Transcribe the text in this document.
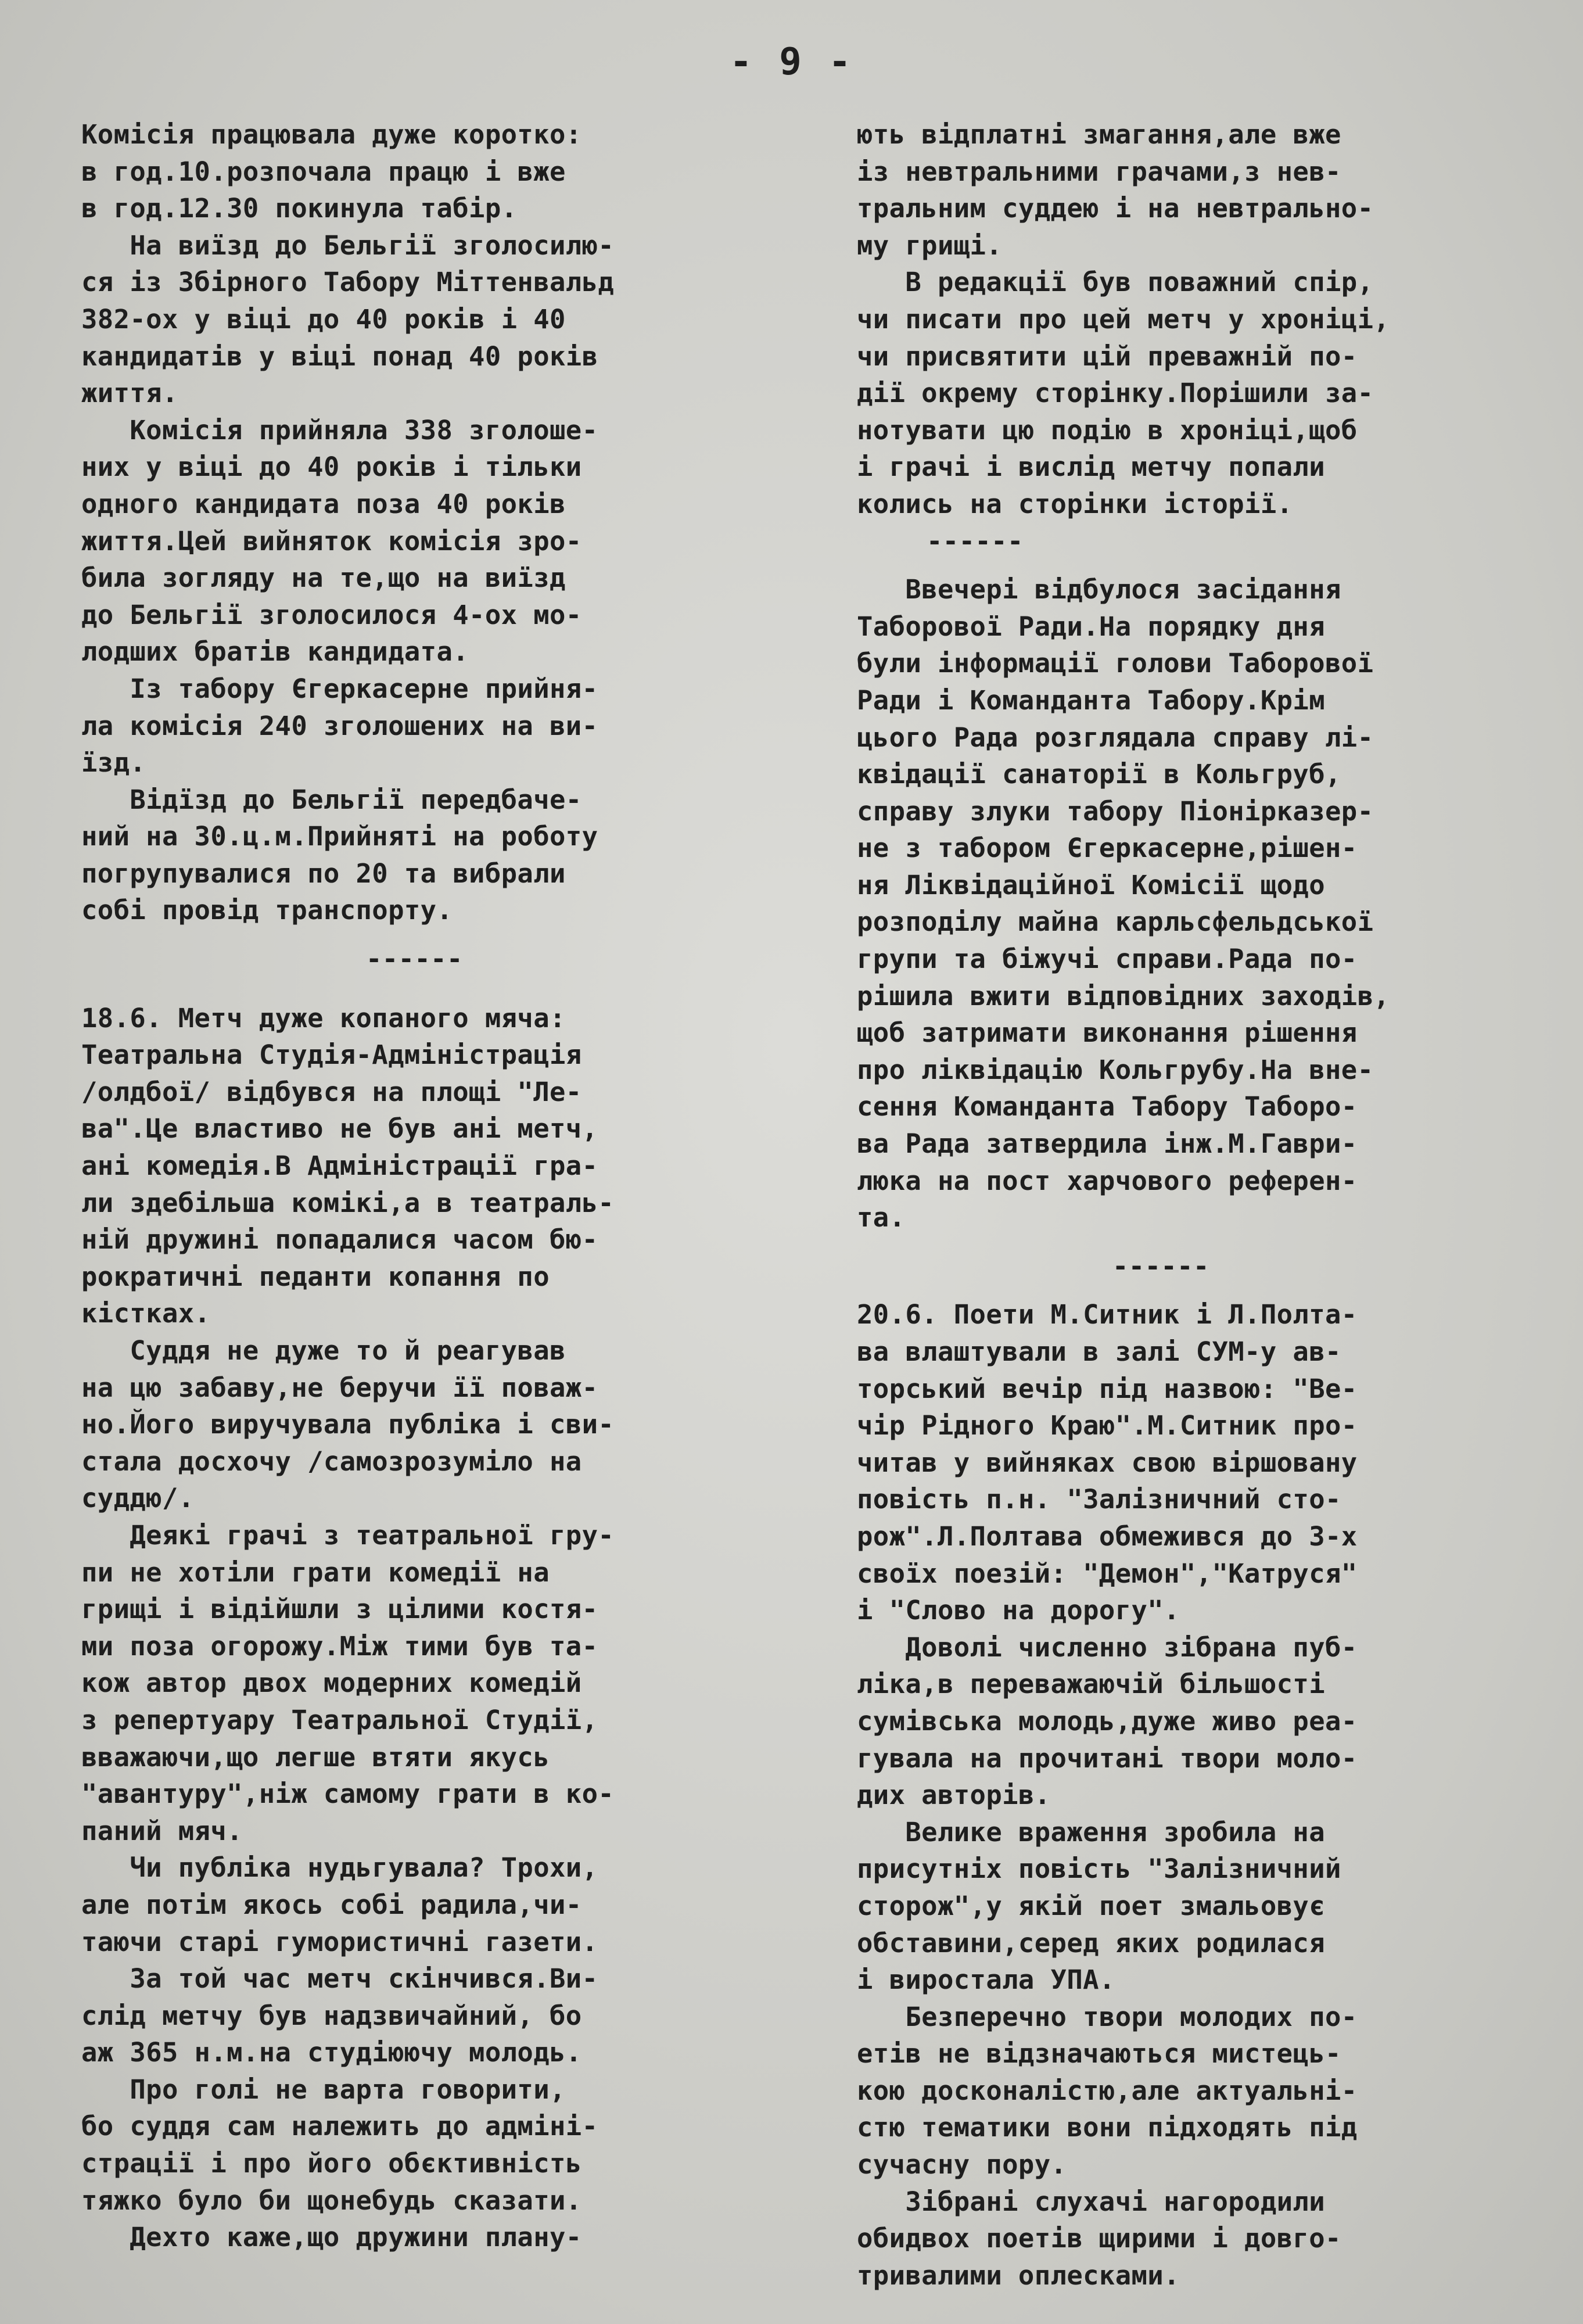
- 9 -

Комісія працювала дуже коротко:

в год.10.розпочала працю і вже

в год.12.30 покинула табір.

На виїзд до Бельгії зголосилю-

ся із Збірного Табору Міттенвальд

382-ох у віці до 40 років і 40

кандидатів у віці понад 40 років

життя.

Комісія прийняла 338 зголоше-

них у віці до 40 років і тільки

одного кандидата поза 40 років

життя.Цей вийняток комісія зро-

била зогляду на те,що на виїзд

до Бельгії зголосилося 4-ох мо-

лодших братів кандидата.

Із табору Єгеркасерне прийня-

ла комісія 240 зголошених на ви-

їзд.

Відїзд до Бельгії передбаче-

ний на 30.ц.м.Прийняті на роботу

погрупувалися по 20 та вибрали

собі провід транспорту.

------

18.6. Метч дуже копаного мяча:

Театральна Студія-Адміністрація

/олдбої/ відбувся на площі "Ле-

ва".Це властиво не був ані метч,

ані комедія.В Адміністрації гра-

ли здебільша комікі,а в театраль-

ній дружині попадалися часом бю-

рократичні педанти копання по

кістках.

Суддя не дуже то й реагував

на цю забаву,не беручи її поваж-

но.Його виручувала публіка і сви-

стала досхочу /самозрозуміло на

суддю/.

Деякі грачі з театральної гру-

пи не хотіли грати комедії на

грищі і відійшли з цілими костя-

ми поза огорожу.Між тими був та-

кож автор двох модерних комедій

з репертуару Театральної Студії,

вважаючи,що легше втяти якусь

"авантуру",ніж самому грати в ко-

паний мяч.

Чи публіка нудьгувала? Трохи,

але потім якось собі радила,чи-

таючи старі гумористичні газети.

За той час метч скінчився.Ви-

слід метчу був надзвичайний, бо

аж 365 н.м.на студіюючу молодь.

Про голі не варта говорити,

бо суддя сам належить до адміні-

страції і про його обєктивність

тяжко було би щонебудь сказати.

Дехто каже,що дружини плану-

ють відплатні змагання,але вже

із невтральними грачами,з нев-

тральним суддею і на невтрально-

му грищі.

В редакції був поважний спір,

чи писати про цей метч у хроніці,

чи присвятити цій преважній по-

дії окрему сторінку.Порішили за-

нотувати цю подію в хроніці,щоб

і грачі і вислід метчу попали

колись на сторінки історії.

------

Ввечері відбулося засідання

Таборової Ради.На порядку дня

були інформації голови Таборової

Ради і Команданта Табору.Крім

цього Рада розглядала справу лі-

квідації санаторії в Кольгруб,

справу злуки табору Піонірказер-

не з табором Єгеркасерне,рішен-

ня Ліквідаційної Комісії щодо

розподілу майна карльсфельдської

групи та біжучі справи.Рада по-

рішила вжити відповідних заходів,

щоб затримати виконання рішення

про ліквідацію Кольгрубу.На вне-

сення Команданта Табору Таборо-

ва Рада затвердила інж.М.Гаври-

люка на пост харчового референ-

та.

------

20.6. Поети М.Ситник і Л.Полта-

ва влаштували в залі СУМ-у ав-

торський вечір під назвою: "Ве-

чір Рідного Краю".М.Ситник про-

читав у вийняках свою віршовану

повість п.н. "Залізничний сто-

рож".Л.Полтава обмежився до 3-х

своїх поезій: "Демон","Катруся"

і "Слово на дорогу".

Доволі численно зібрана пуб-

ліка,в переважаючій більшості

сумівська молодь,дуже живо реа-

гувала на прочитані твори моло-

дих авторів.

Велике враження зробила на

присутніх повість "Залізничний

сторож",у якій поет змальовує

обставини,серед яких родилася

і виростала УПА.

Безперечно твори молодих по-

етів не відзначаються мистець-

кою досконалістю,але актуальні-

стю тематики вони підходять під

сучасну пору.

Зібрані слухачі нагородили

обидвох поетів щирими і довго-

тривалими оплесками.
